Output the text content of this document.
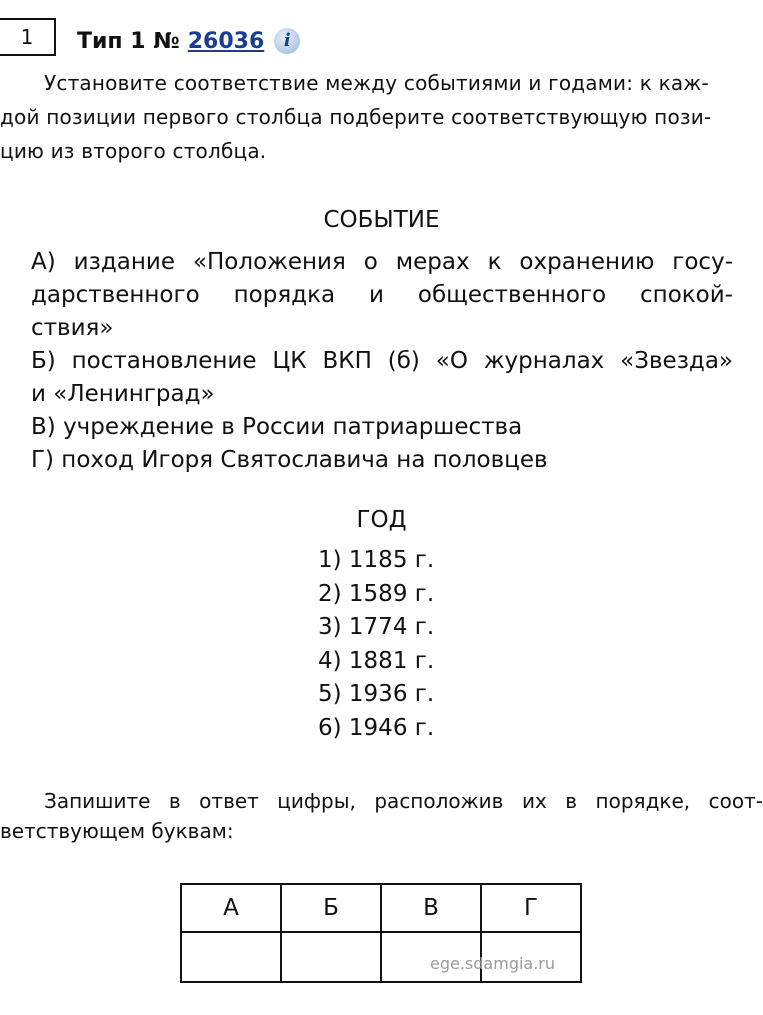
1	Тип 1 № 26036	i
Установите соответствие между событиями и годами: к каж-
дой позиции первого столбца подберите соответствующую пози-
цию из второго столбца.
СОБЫТИЕ
А) издание «Положения о мерах к охранению госу-
дарственного порядка и общественного спокой-
ствия»
Б) постановление ЦК ВКП (б) «О журналах «Звезда»
и «Ленинград»
В) учреждение в России патриаршества
Г) поход Игоря Святославича на половцев
ГОД
1) 1185 г.
2) 1589 г.
3) 1774 г.
4) 1881 г.
5) 1936 г.
6) 1946 г.
Запишите в ответ цифры, расположив их в порядке, соот-
ветствующем буквам:
А	Б	В	Г

ege.sdamgia.ru
